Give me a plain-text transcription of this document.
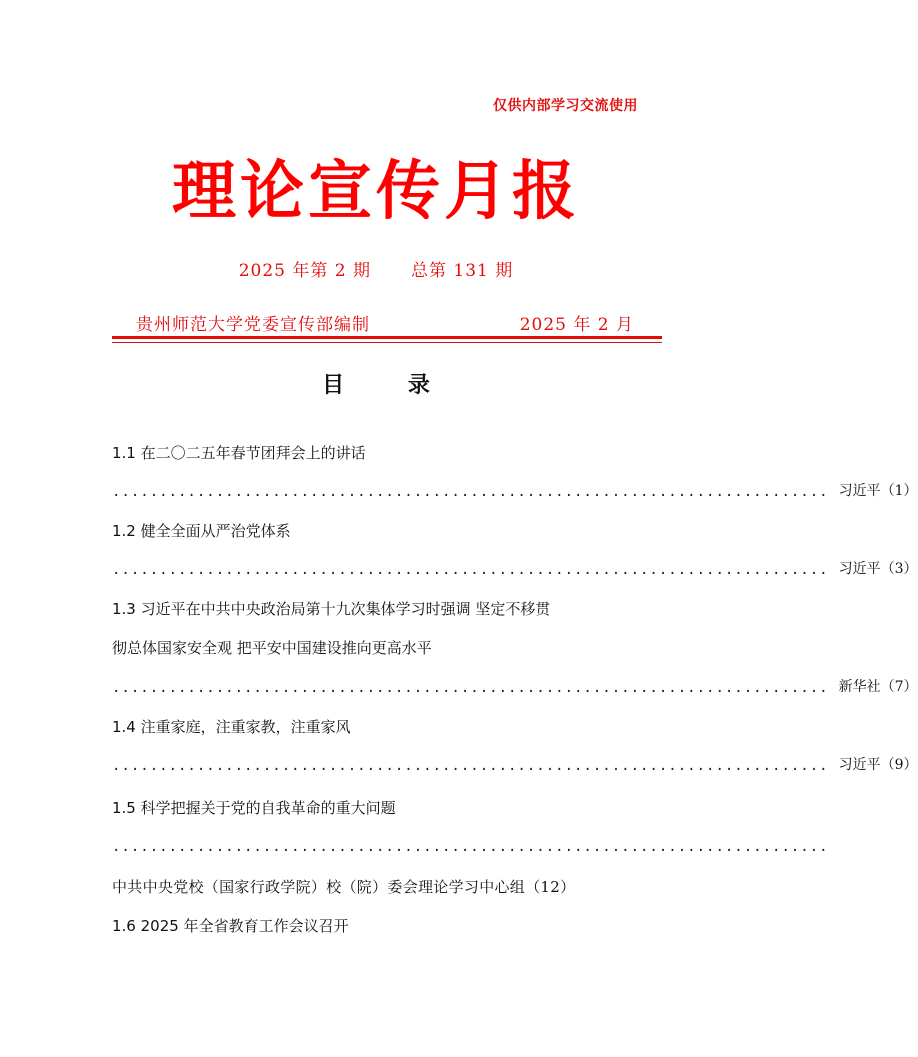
仅供内部学习交流使用
理论宣传月报
2025 年第 2 期 总第 131 期
贵州师范大学党委宣传部编制	2025 年 2 月
目 录
1.1 在二〇二五年春节团拜会上的讲话
............................................................................ 习近平（1）
1.2 健全全面从严治党体系
............................................................................ 习近平（3）
1.3 习近平在中共中央政治局第十九次集体学习时强调 坚定不移贯
彻总体国家安全观 把平安中国建设推向更高水平
............................................................................ 新华社（7）
1.4 注重家庭，注重家教，注重家风
............................................................................ 习近平（9）
1.5 科学把握关于党的自我革命的重大问题
............................................................................
中共中央党校（国家行政学院）校（院）委会理论学习中心组（12）
1.6 2025 年全省教育工作会议召开
